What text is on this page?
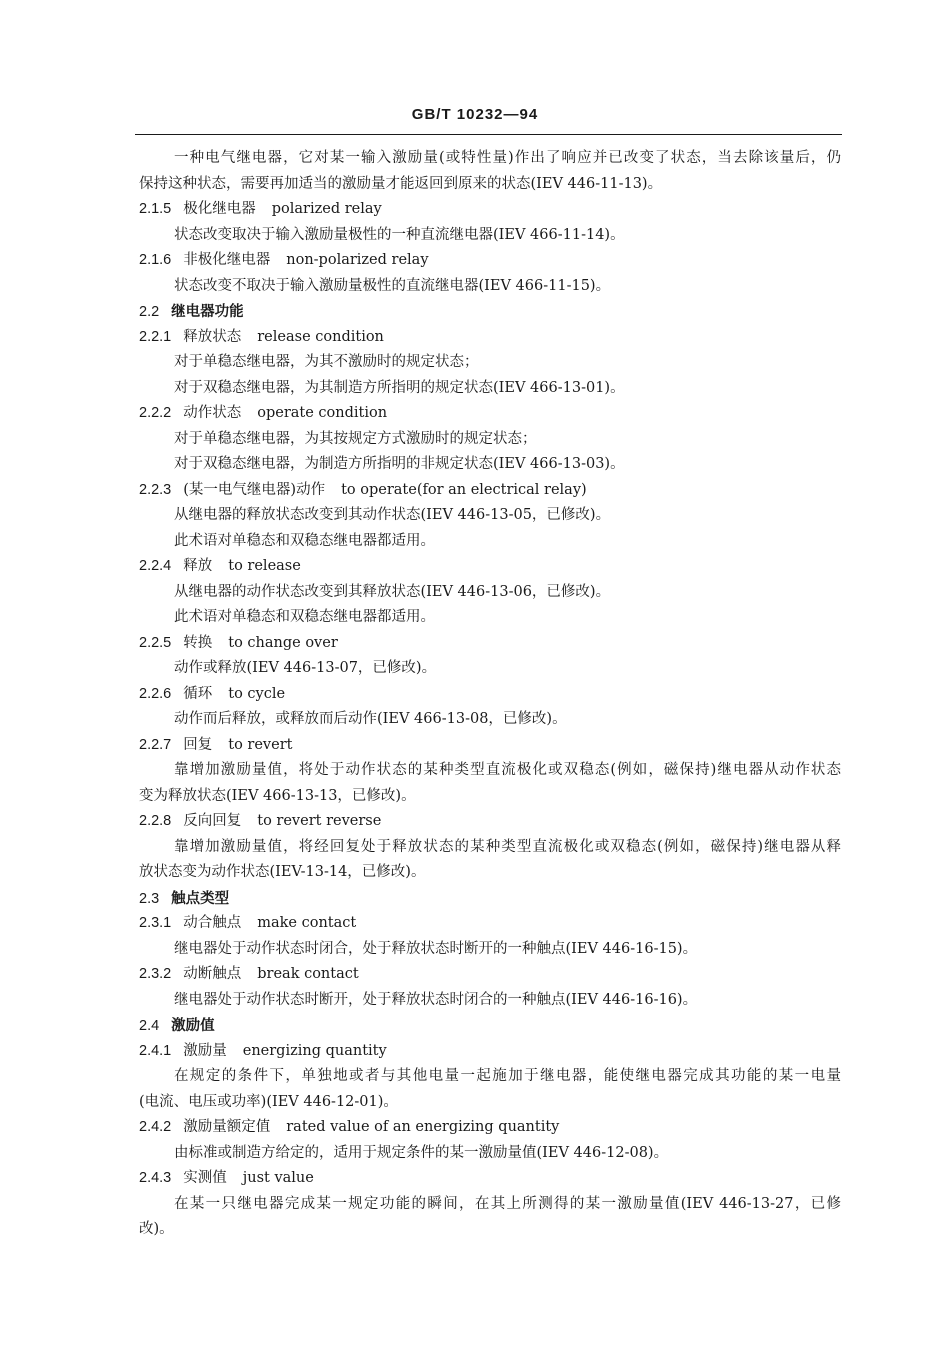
GB/T 10232—94
一种电气继电器，它对某一输入激励量(或特性量)作出了响应并已改变了状态，当去除该量后，仍
保持这种状态，需要再加适当的激励量才能返回到原来的状态(IEV 446-11-13)。
2.1.5 极化继电器 polarized relay
状态改变取决于输入激励量极性的一种直流继电器(IEV 466-11-14)。
2.1.6 非极化继电器 non-polarized relay
状态改变不取决于输入激励量极性的直流继电器(IEV 466-11-15)。
2.2 继电器功能
2.2.1 释放状态 release condition
对于单稳态继电器，为其不激励时的规定状态；
对于双稳态继电器，为其制造方所指明的规定状态(IEV 466-13-01)。
2.2.2 动作状态 operate condition
对于单稳态继电器，为其按规定方式激励时的规定状态；
对于双稳态继电器，为制造方所指明的非规定状态(IEV 466-13-03)。
2.2.3 (某一电气继电器)动作 to operate(for an electrical relay)
从继电器的释放状态改变到其动作状态(IEV 446-13-05，已修改)。
此术语对单稳态和双稳态继电器都适用。
2.2.4 释放 to release
从继电器的动作状态改变到其释放状态(IEV 446-13-06，已修改)。
此术语对单稳态和双稳态继电器都适用。
2.2.5 转换 to change over
动作或释放(IEV 446-13-07，已修改)。
2.2.6 循环 to cycle
动作而后释放，或释放而后动作(IEV 466-13-08，已修改)。
2.2.7 回复 to revert
靠增加激励量值，将处于动作状态的某种类型直流极化或双稳态(例如，磁保持)继电器从动作状态
变为释放状态(IEV 466-13-13，已修改)。
2.2.8 反向回复 to revert reverse
靠增加激励量值，将经回复处于释放状态的某种类型直流极化或双稳态(例如，磁保持)继电器从释
放状态变为动作状态(IEV-13-14，已修改)。
2.3 触点类型
2.3.1 动合触点 make contact
继电器处于动作状态时闭合，处于释放状态时断开的一种触点(IEV 446-16-15)。
2.3.2 动断触点 break contact
继电器处于动作状态时断开，处于释放状态时闭合的一种触点(IEV 446-16-16)。
2.4 激励值
2.4.1 激励量 energizing quantity
在规定的条件下，单独地或者与其他电量一起施加于继电器，能使继电器完成其功能的某一电量
(电流、电压或功率)(IEV 446-12-01)。
2.4.2 激励量额定值 rated value of an energizing quantity
由标准或制造方给定的，适用于规定条件的某一激励量值(IEV 446-12-08)。
2.4.3 实测值 just value
在某一只继电器完成某一规定功能的瞬间，在其上所测得的某一激励量值(IEV 446-13-27，已修
改)。
